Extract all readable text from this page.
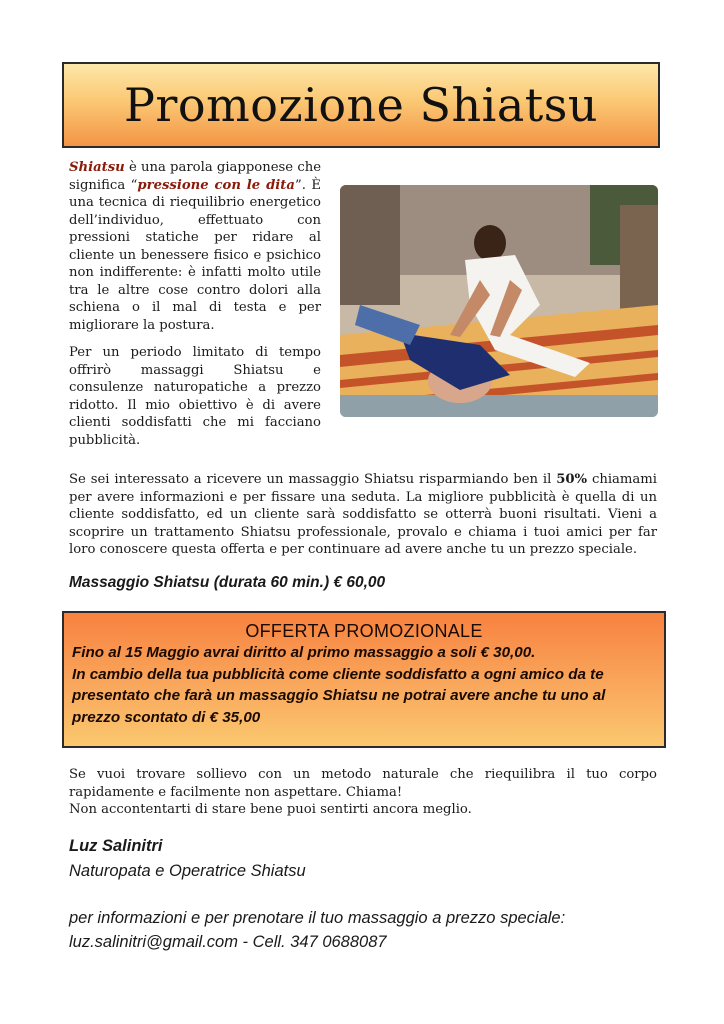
Promozione Shiatsu

Shiatsu è una parola giapponese che significa “pressione con le dita”. È una tecnica di riequilibrio energetico dell’individuo, effettuato con pressioni statiche per ridare al cliente un benessere fisico e psichico non indifferente: è infatti molto utile tra le altre cose contro dolori alla schiena o il mal di testa e per migliorare la postura.

Per un periodo limitato di tempo offrirò massaggi Shiatsu e consulenze naturopatiche a prezzo ridotto. Il mio obiettivo è di avere clienti soddisfatti che mi facciano pubblicità.

Se sei interessato a ricevere un massaggio Shiatsu risparmiando ben il 50% chiamami per avere informazioni e per fissare una seduta. La migliore pubblicità è quella di un cliente soddisfatto, ed un cliente sarà soddisfatto se otterrà buoni risultati. Vieni a scoprire un trattamento Shiatsu professionale, provalo e chiama i tuoi amici per far loro conoscere questa offerta e per continuare ad avere anche tu un prezzo speciale.

Massaggio Shiatsu (durata 60 min.) € 60,00
OFFERTA PROMOZIONALE

Fino al 15 Maggio avrai diritto al primo massaggio a soli € 30,00.

In cambio della tua pubblicità come cliente soddisfatto a ogni amico da te presentato che farà un massaggio Shiatsu ne potrai avere anche tu uno al prezzo scontato di € 35,00

Se vuoi trovare sollievo con un metodo naturale che riequilibra il tuo corpo rapidamente e facilmente non aspettare. Chiama!
Non accontentarti di stare bene puoi sentirti ancora meglio.
Luz Salinitri
Naturopata e Operatrice Shiatsu
per informazioni e per prenotare il tuo massaggio a prezzo speciale:
luz.salinitri@gmail.com - Cell. 347 0688087
